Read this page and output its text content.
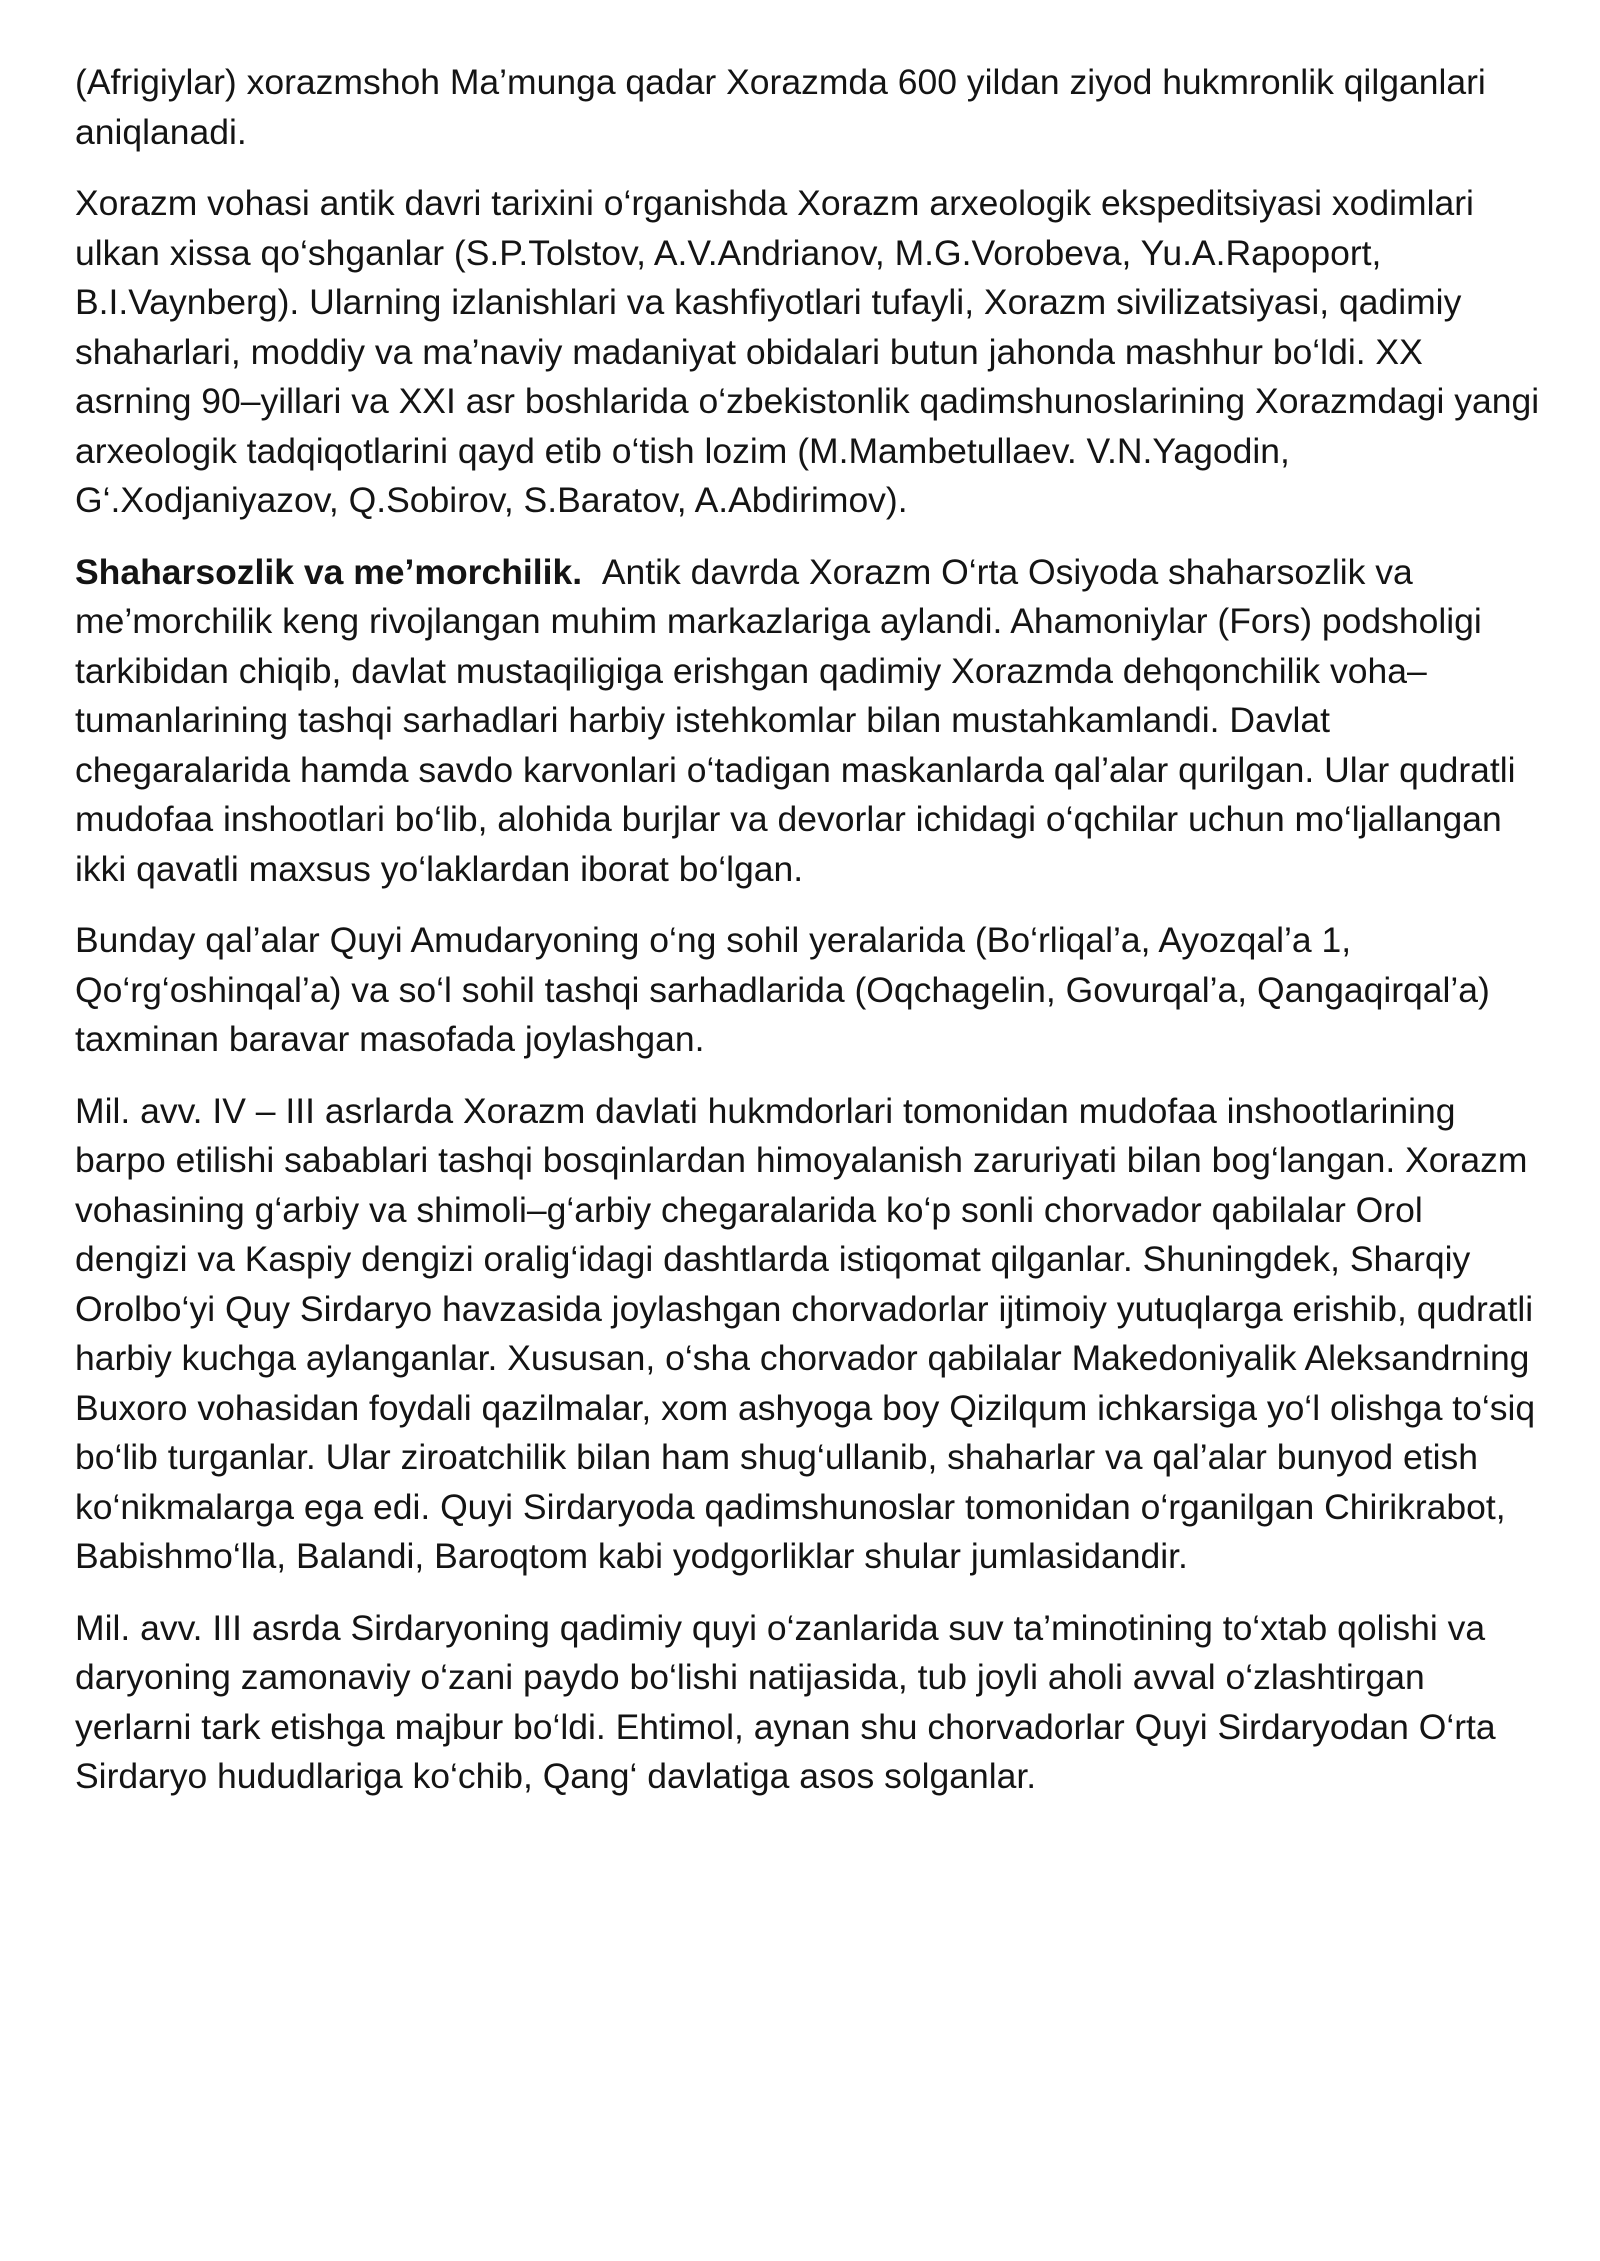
(Afrigiylar) xorazmshoh Ma’munga qadar Xorazmda 600 yildan ziyod hukmronlik qilganlari aniqlanadi.

Xorazm vohasi antik davri tarixini o‘rganishda Xorazm arxeologik ekspeditsiyasi xodimlari ulkan xissa qo‘shganlar (S.P.Tolstov, A.V.Andrianov, M.G.Vorobeva, Yu.A.Rapoport, B.I.Vaynberg). Ularning izlanishlari va kashfiyotlari tufayli, Xorazm sivilizatsiyasi, qadimiy shaharlari, moddiy va ma’naviy madaniyat obidalari butun jahonda mashhur bo‘ldi. XX asrning 90–yillari va XXI asr boshlarida o‘zbekistonlik qadimshunoslarining Xorazmdagi yangi arxeologik tadqiqotlarini qayd etib o‘tish lozim (M.Mambetullaev. V.N.Yagodin, G‘.Xodjaniyazov, Q.Sobirov, S.Baratov, A.Abdirimov).

Shaharsozlik va me’morchilik. Antik davrda Xorazm O‘rta Osiyoda shaharsozlik va me’morchilik keng rivojlangan muhim markazlariga aylandi. Ahamoniylar (Fors) podsholigi tarkibidan chiqib, davlat mustaqiligiga erishgan qadimiy Xorazmda dehqonchilik voha–tumanlarining tashqi sarhadlari harbiy istehkomlar bilan mustahkamlandi. Davlat chegaralarida hamda savdo karvonlari o‘tadigan maskanlarda qal’alar qurilgan. Ular qudratli mudofaa inshootlari bo‘lib, alohida burjlar va devorlar ichidagi o‘qchilar uchun mo‘ljallangan ikki qavatli maxsus yo‘laklardan iborat bo‘lgan.

Bunday qal’alar Quyi Amudaryoning o‘ng sohil yeralarida (Bo‘rliqal’a, Ayozqal’a 1, Qo‘rg‘oshinqal’a) va so‘l sohil tashqi sarhadlarida (Oqchagelin, Govurqal’a, Qangaqirqal’a) taxminan baravar masofada joylashgan.

Mil. avv. IV – III asrlarda Xorazm davlati hukmdorlari tomonidan mudofaa inshootlarining barpo etilishi sabablari tashqi bosqinlardan himoyalanish zaruriyati bilan bog‘langan. Xorazm vohasining g‘arbiy va shimoli–g‘arbiy chegaralarida ko‘p sonli chorvador qabilalar Orol dengizi va Kaspiy dengizi oralig‘idagi dashtlarda istiqomat qilganlar. Shuningdek, Sharqiy Orolbo‘yi Quy Sirdaryo havzasida joylashgan chorvadorlar ijtimoiy yutuqlarga erishib, qudratli harbiy kuchga aylanganlar. Xususan, o‘sha chorvador qabilalar Makedoniyalik Aleksandrning Buxoro vohasidan foydali qazilmalar, xom ashyoga boy Qizilqum ichkarsiga yo‘l olishga to‘siq bo‘lib turganlar. Ular ziroatchilik bilan ham shug‘ullanib, shaharlar va qal’alar bunyod etish ko‘nikmalarga ega edi. Quyi Sirdaryoda qadimshunoslar tomonidan o‘rganilgan Chirikrabot, Babishmo‘lla, Balandi, Baroqtom kabi yodgorliklar shular jumlasidandir.

Mil. avv. III asrda Sirdaryoning qadimiy quyi o‘zanlarida suv ta’minotining to‘xtab qolishi va daryoning zamonaviy o‘zani paydo bo‘lishi natijasida, tub joyli aholi avval o‘zlashtirgan yerlarni tark etishga majbur bo‘ldi. Ehtimol, aynan shu chorvadorlar Quyi Sirdaryodan O‘rta Sirdaryo hududlariga ko‘chib, Qang‘ davlatiga asos solganlar.
